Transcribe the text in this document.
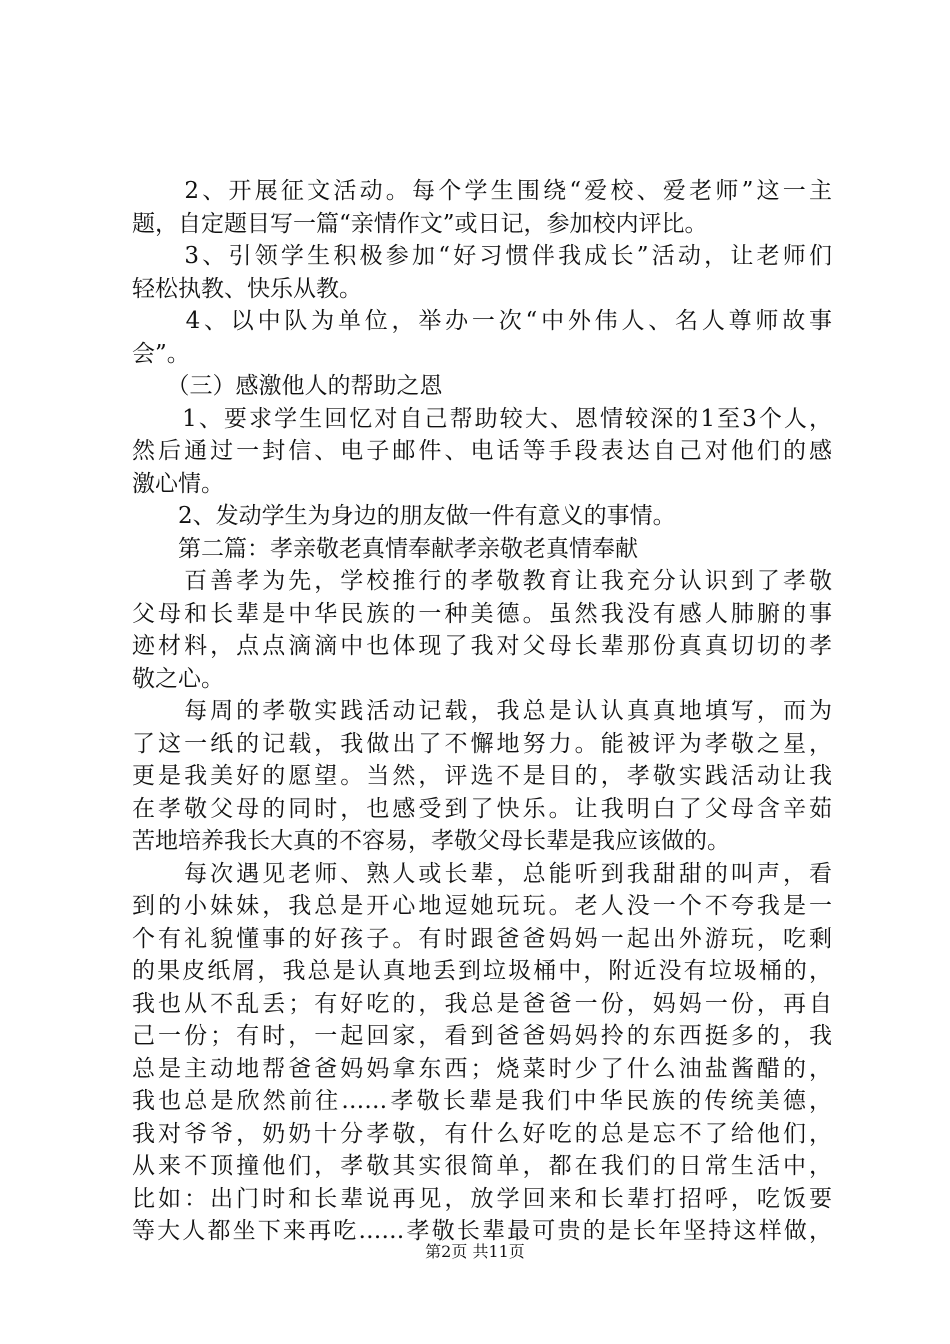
　　2、开展征文活动。每个学生围绕“爱校、爱老师”这一主
题，自定题目写一篇“亲情作文”或日记，参加校内评比。
　　3、引领学生积极参加“好习惯伴我成长”活动，让老师们
轻松执教、快乐从教。
　　4、以中队为单位，举办一次“中外伟人、名人尊师故事
会”。
　　（三）感激他人的帮助之恩
　　1、要求学生回忆对自己帮助较大、恩情较深的1至3个人，
然后通过一封信、电子邮件、电话等手段表达自己对他们的感
激心情。
　　2、发动学生为身边的朋友做一件有意义的事情。
　　第二篇：孝亲敬老真情奉献孝亲敬老真情奉献
　　百善孝为先，学校推行的孝敬教育让我充分认识到了孝敬
父母和长辈是中华民族的一种美德。虽然我没有感人肺腑的事
迹材料，点点滴滴中也体现了我对父母长辈那份真真切切的孝
敬之心。
　　每周的孝敬实践活动记载，我总是认认真真地填写，而为
了这一纸的记载，我做出了不懈地努力。能被评为孝敬之星，
更是我美好的愿望。当然，评选不是目的，孝敬实践活动让我
在孝敬父母的同时，也感受到了快乐。让我明白了父母含辛茹
苦地培养我长大真的不容易，孝敬父母长辈是我应该做的。
　　每次遇见老师、熟人或长辈，总能听到我甜甜的叫声，看
到的小妹妹，我总是开心地逗她玩玩。老人没一个不夸我是一
个有礼貌懂事的好孩子。有时跟爸爸妈妈一起出外游玩，吃剩
的果皮纸屑，我总是认真地丢到垃圾桶中，附近没有垃圾桶的，
我也从不乱丢；有好吃的，我总是爸爸一份，妈妈一份，再自
己一份；有时，一起回家，看到爸爸妈妈拎的东西挺多的，我
总是主动地帮爸爸妈妈拿东西；烧菜时少了什么油盐酱醋的，
我也总是欣然前往……孝敬长辈是我们中华民族的传统美德，
我对爷爷，奶奶十分孝敬，有什么好吃的总是忘不了给他们，
从来不顶撞他们，孝敬其实很简单，都在我们的日常生活中，
比如：出门时和长辈说再见，放学回来和长辈打招呼，吃饭要
等大人都坐下来再吃……孝敬长辈最可贵的是长年坚持这样做，
第2页 共11页
